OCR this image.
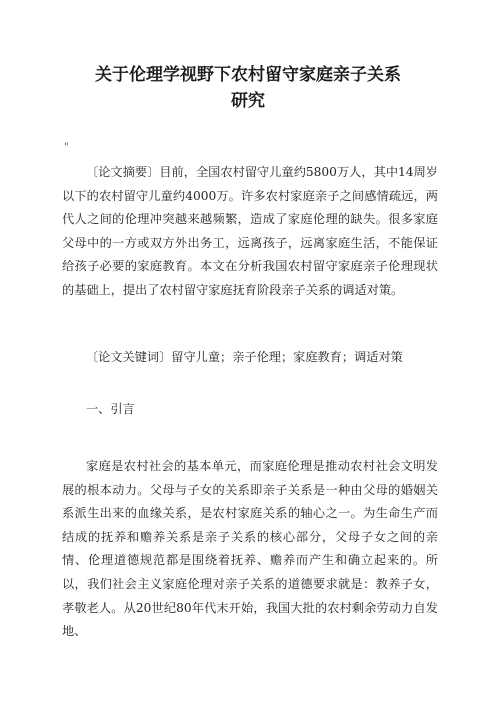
关于伦理学视野下农村留守家庭亲子关系
研究
"

〔论文摘要〕目前，全国农村留守儿童约5800万人，其中14周岁以下的农村留守儿童约4000万。许多农村家庭亲子之间感情疏远，两代人之间的伦理冲突越来越频繁，造成了家庭伦理的缺失。很多家庭父母中的一方或双方外出务工，远离孩子，远离家庭生活，不能保证给孩子必要的家庭教育。本文在分析我国农村留守家庭亲子伦理现状的基础上，提出了农村留守家庭抚育阶段亲子关系的调适对策。

〔论文关键词〕留守儿童；亲子伦理；家庭教育；调适对策

一、引言

家庭是农村社会的基本单元，而家庭伦理是推动农村社会文明发展的根本动力。父母与子女的关系即亲子关系是一种由父母的婚姻关系派生出来的血缘关系，是农村家庭关系的轴心之一。为生命生产而结成的抚养和赡养关系是亲子关系的核心部分，父母子女之间的亲情、伦理道德规范都是围绕着抚养、赡养而产生和确立起来的。所以，我们社会主义家庭伦理对亲子关系的道德要求就是：教养子女，孝敬老人。从20世纪80年代末开始，我国大批的农村剩余劳动力自发地、
